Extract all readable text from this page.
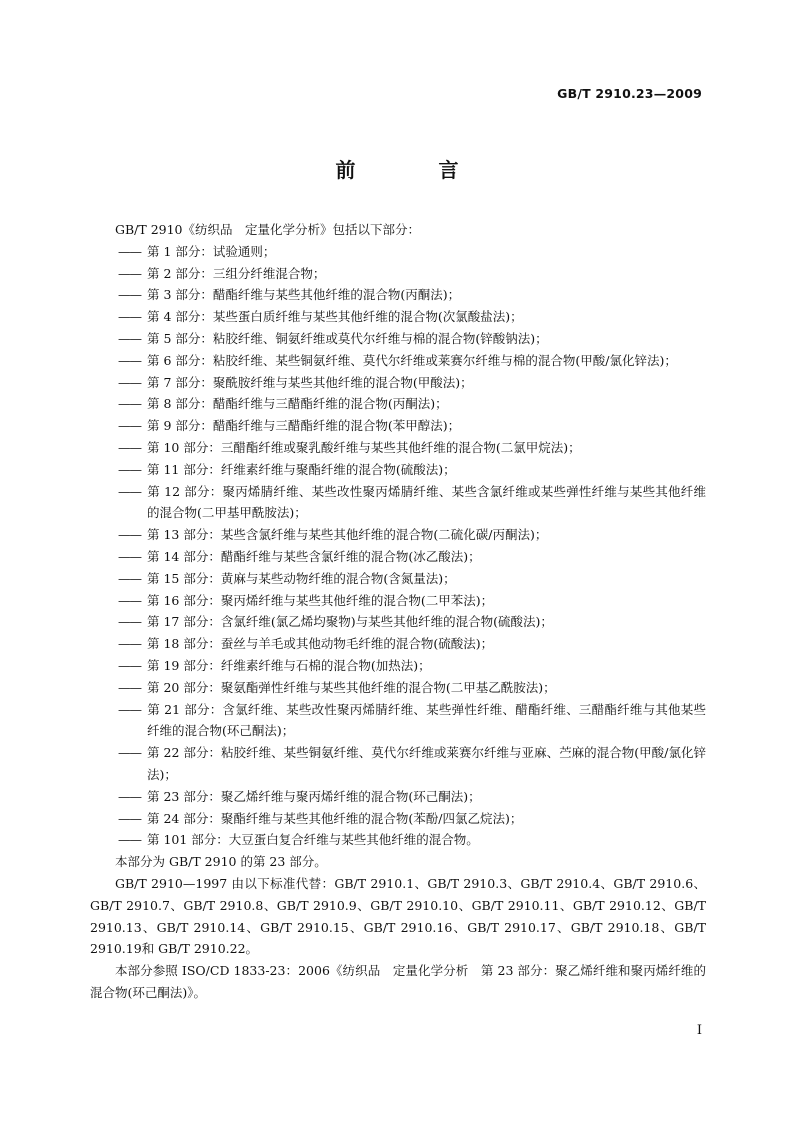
GB/T 2910.23—2009
前 言
GB/T 2910《纺织品　定量化学分析》包括以下部分：
—— 第 1 部分：试验通则；
—— 第 2 部分：三组分纤维混合物；
—— 第 3 部分：醋酯纤维与某些其他纤维的混合物(丙酮法)；
—— 第 4 部分：某些蛋白质纤维与某些其他纤维的混合物(次氯酸盐法)；
—— 第 5 部分：粘胶纤维、铜氨纤维或莫代尔纤维与棉的混合物(锌酸钠法)；
—— 第 6 部分：粘胶纤维、某些铜氨纤维、莫代尔纤维或莱赛尔纤维与棉的混合物(甲酸/氯化锌法)；
—— 第 7 部分：聚酰胺纤维与某些其他纤维的混合物(甲酸法)；
—— 第 8 部分：醋酯纤维与三醋酯纤维的混合物(丙酮法)；
—— 第 9 部分：醋酯纤维与三醋酯纤维的混合物(苯甲醇法)；
—— 第 10 部分：三醋酯纤维或聚乳酸纤维与某些其他纤维的混合物(二氯甲烷法)；
—— 第 11 部分：纤维素纤维与聚酯纤维的混合物(硫酸法)；
—— 第 12 部分：聚丙烯腈纤维、某些改性聚丙烯腈纤维、某些含氯纤维或某些弹性纤维与某些其他纤维的混合物(二甲基甲酰胺法)；
—— 第 13 部分：某些含氯纤维与某些其他纤维的混合物(二硫化碳/丙酮法)；
—— 第 14 部分：醋酯纤维与某些含氯纤维的混合物(冰乙酸法)；
—— 第 15 部分：黄麻与某些动物纤维的混合物(含氮量法)；
—— 第 16 部分：聚丙烯纤维与某些其他纤维的混合物(二甲苯法)；
—— 第 17 部分：含氯纤维(氯乙烯均聚物)与某些其他纤维的混合物(硫酸法)；
—— 第 18 部分：蚕丝与羊毛或其他动物毛纤维的混合物(硫酸法)；
—— 第 19 部分：纤维素纤维与石棉的混合物(加热法)；
—— 第 20 部分：聚氨酯弹性纤维与某些其他纤维的混合物(二甲基乙酰胺法)；
—— 第 21 部分：含氯纤维、某些改性聚丙烯腈纤维、某些弹性纤维、醋酯纤维、三醋酯纤维与其他某些纤维的混合物(环己酮法)；
—— 第 22 部分：粘胶纤维、某些铜氨纤维、莫代尔纤维或莱赛尔纤维与亚麻、苎麻的混合物(甲酸/氯化锌法)；
—— 第 23 部分：聚乙烯纤维与聚丙烯纤维的混合物(环己酮法)；
—— 第 24 部分：聚酯纤维与某些其他纤维的混合物(苯酚/四氯乙烷法)；
—— 第 101 部分：大豆蛋白复合纤维与某些其他纤维的混合物。
本部分为 GB/T 2910 的第 23 部分。
GB/T 2910—1997 由以下标准代替：GB/T 2910.1、GB/T 2910.3、GB/T 2910.4、GB/T 2910.6、GB/T 2910.7、GB/T 2910.8、GB/T 2910.9、GB/T 2910.10、GB/T 2910.11、GB/T 2910.12、GB/T 2910.13、GB/T 2910.14、GB/T 2910.15、GB/T 2910.16、GB/T 2910.17、GB/T 2910.18、GB/T 2910.19和 GB/T 2910.22。
本部分参照 ISO/CD 1833-23：2006《纺织品　定量化学分析　第 23 部分：聚乙烯纤维和聚丙烯纤维的混合物(环己酮法)》。
I
